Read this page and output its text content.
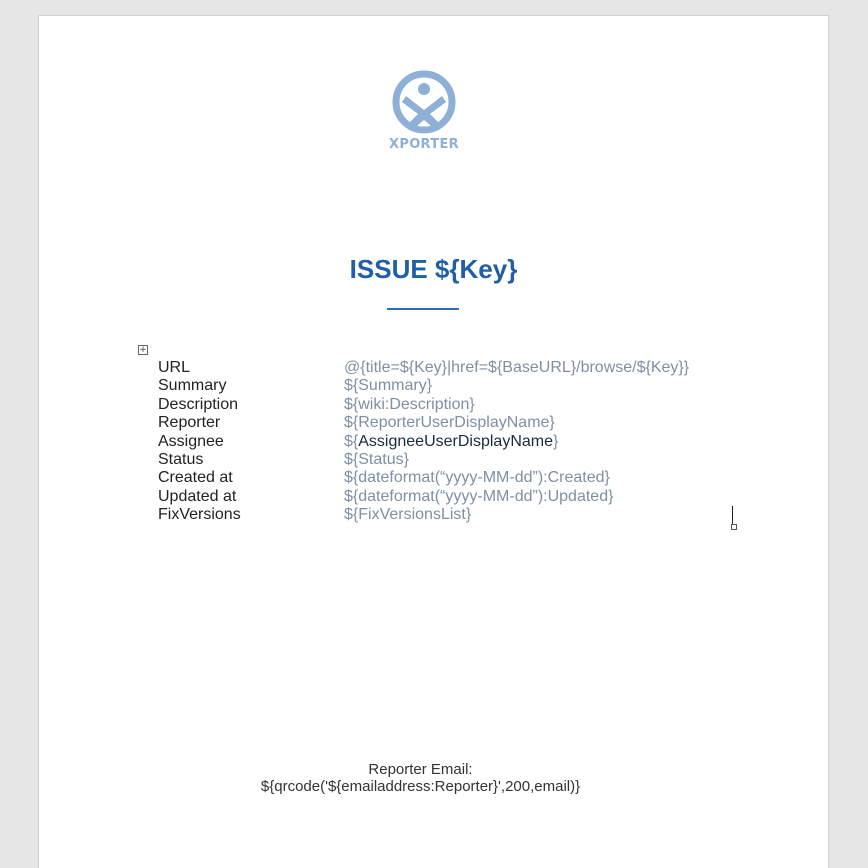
XPORTER
ISSUE ${Key}
+
URL	@{title=${Key}|href=${BaseURL}/browse/${Key}}
Summary	${Summary}
Description	${wiki:Description}
Reporter	${ReporterUserDisplayName}
Assignee	${AssigneeUserDisplayName}
Status	${Status}
Created at	${dateformat(“yyyy-MM-dd”):Created}
Updated at	${dateformat(“yyyy-MM-dd”):Updated}
FixVersions	${FixVersionsList}
Reporter Email:
${qrcode('${emailaddress:Reporter}',200,email)}
